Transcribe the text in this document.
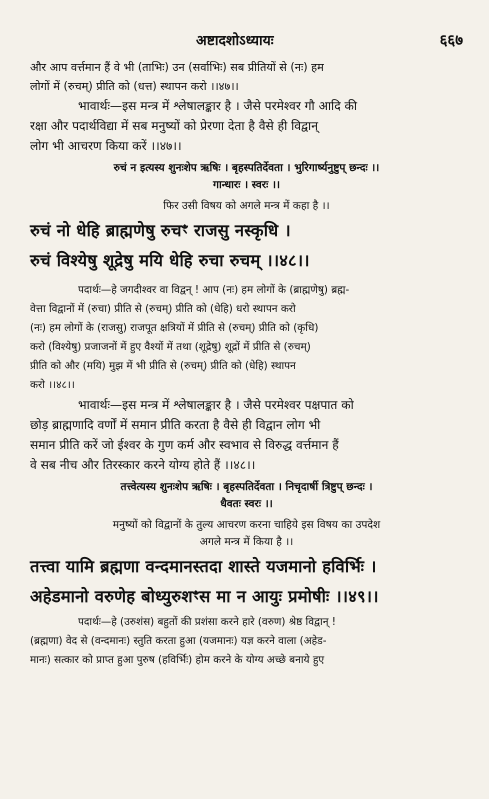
अष्टादशोऽध्यायः	६६७

और आप वर्त्तमान हैं वे भी (ताभिः) उन (सर्वाभिः) सब प्रीतियों से (नः) हम

लोगों में (रुचम्) प्रीति को (धत्त) स्थापन करो ।।४७।।

भावार्थः—इस मन्त्र में श्लेषालङ्कार है । जैसे परमेश्वर गौ आदि की

रक्षा और पदार्थविद्या में सब मनुष्यों को प्रेरणा देता है वैसे ही विद्वान्

लोग भी आचरण किया करें ।।४७।।

रुचं न इत्यस्य शुनःशेप ऋषिः । बृहस्पतिर्देवता । भुरिगार्ष्यनुष्टुप् छन्दः ।।

गान्धारः । स्वरः ।।

फिर उसी विषय को अगले मन्त्र में कहा है ।।

रुचं नो धेहि ब्राह्मणेषु रुचꣳ राजसु नस्कृधि ।

रुचं विश्येषु शूद्रेषु मयि धेहि रुचा रुचम् ।।४८।।

पदार्थः—हे जगदीश्वर वा विद्वन् ! आप (नः) हम लोगों के (ब्राह्मणेषु) ब्रह्म-

वेत्ता विद्वानों में (रुचा) प्रीति से (रुचम्) प्रीति को (धेहि) धरो स्थापन करो

(नः) हम लोगों के (राजसु) राजपूत क्षत्रियों में प्रीति से (रुचम्) प्रीति को (कृधि)

करो (विश्येषु) प्रजाजनों में हुए वैश्यों में तथा (शूद्रेषु) शूद्रों में प्रीति से (रुचम्)

प्रीति को और (मयि) मुझ में भी प्रीति से (रुचम्) प्रीति को (धेहि) स्थापन

करो ।।४८।।

भावार्थः—इस मन्त्र में श्लेषालङ्कार है । जैसे परमेश्वर पक्षपात को

छोड़ ब्राह्मणादि वर्णों में समान प्रीति करता है वैसे ही विद्वान लोग भी

समान प्रीति करें जो ईश्वर के गुण कर्म और स्वभाव से विरुद्ध वर्त्तमान हैं

वे सब नीच और तिरस्कार करने योग्य होते हैं ।।४८।।

तत्त्वेत्यस्य शुनःशेप ऋषिः । बृहस्पतिर्देवता । निचृदार्षी त्रिष्टुप् छन्दः ।

धैवतः स्वरः ।।

मनुष्यों को विद्वानों के तुल्य आचरण करना चाहिये इस विषय का उपदेश

अगले मन्त्र में किया है ।।

तत्त्वा यामि ब्रह्मणा वन्दमानस्तदा शास्ते यजमानो हविर्भिः ।

अहेडमानो वरुणेह बोध्युरुशꣳस मा न आयुः प्रमोषीः ।।४९।।

पदार्थः—हे (उरुशंस) बहुतों की प्रशंसा करने हारे (वरुण) श्रेष्ठ विद्वान् !

(ब्रह्मणा) वेद से (वन्दमानः) स्तुति करता हुआ (यजमानः) यज्ञ करने वाला (अहेड-

मानः) सत्कार को प्राप्त हुआ पुरुष (हविर्भिः) होम करने के योग्य अच्छे बनाये हुए
